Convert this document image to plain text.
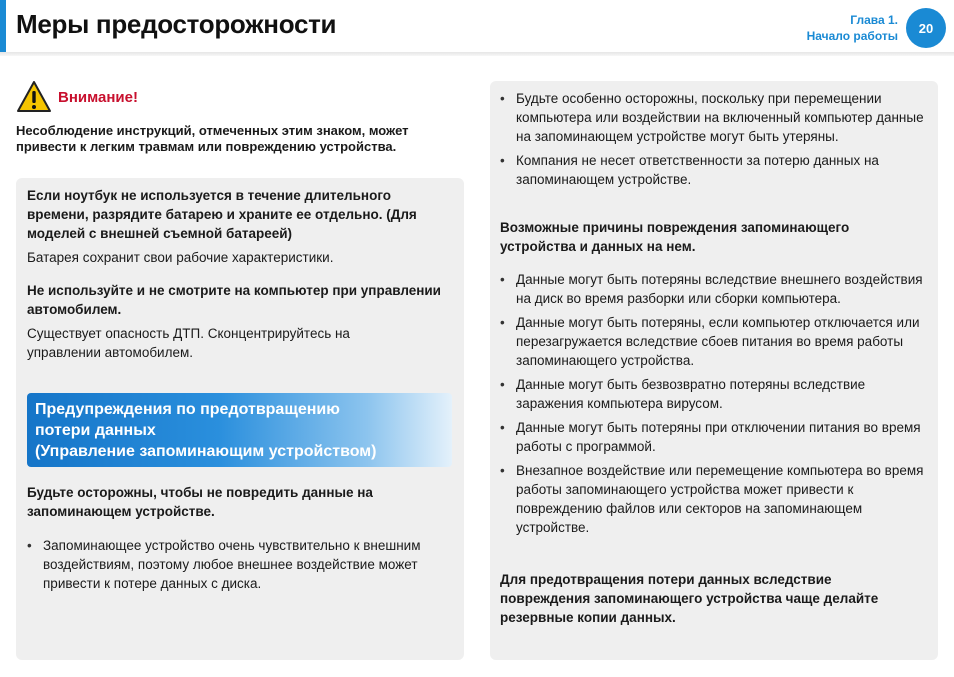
Меры предосторожности	Глава 1.
Начало работы
20
Внимание!
Несоблюдение инструкций, отмеченных этим знаком, может привести к легким травмам или повреждению устройства.
Если ноутбук не используется в течение длительного времени, разрядите батарею и храните ее отдельно. (Для моделей с внешней съемной батареей)
Батарея сохранит свои рабочие характеристики.
Не используйте и не смотрите на компьютер при управлении автомобилем.
Существует опасность ДТП. Сконцентрируйтесь на управлении автомобилем.
Предупреждения по предотвращению
потери данных
(Управление запоминающим устройством)
Будьте осторожны, чтобы не повредить данные на запоминающем устройстве.
• Запоминающее устройство очень чувствительно к внешним воздействиям, поэтому любое внешнее воздействие может привести к потере данных с диска.
• Будьте особенно осторожны, поскольку при перемещении компьютера или воздействии на включенный компьютер данные на запоминающем устройстве могут быть утеряны.
• Компания не несет ответственности за потерю данных на запоминающем устройстве.
Возможные причины повреждения запоминающего устройства и данных на нем.
• Данные могут быть потеряны вследствие внешнего воздействия на диск во время разборки или сборки компьютера.
• Данные могут быть потеряны, если компьютер отключается или перезагружается вследствие сбоев питания во время работы запоминающего устройства.
• Данные могут быть безвозвратно потеряны вследствие заражения компьютера вирусом.
• Данные могут быть потеряны при отключении питания во время работы с программой.
• Внезапное воздействие или перемещение компьютера во время работы запоминающего устройства может привести к повреждению файлов или секторов на запоминающем устройстве.
Для предотвращения потери данных вследствие повреждения запоминающего устройства чаще делайте резервные копии данных.
